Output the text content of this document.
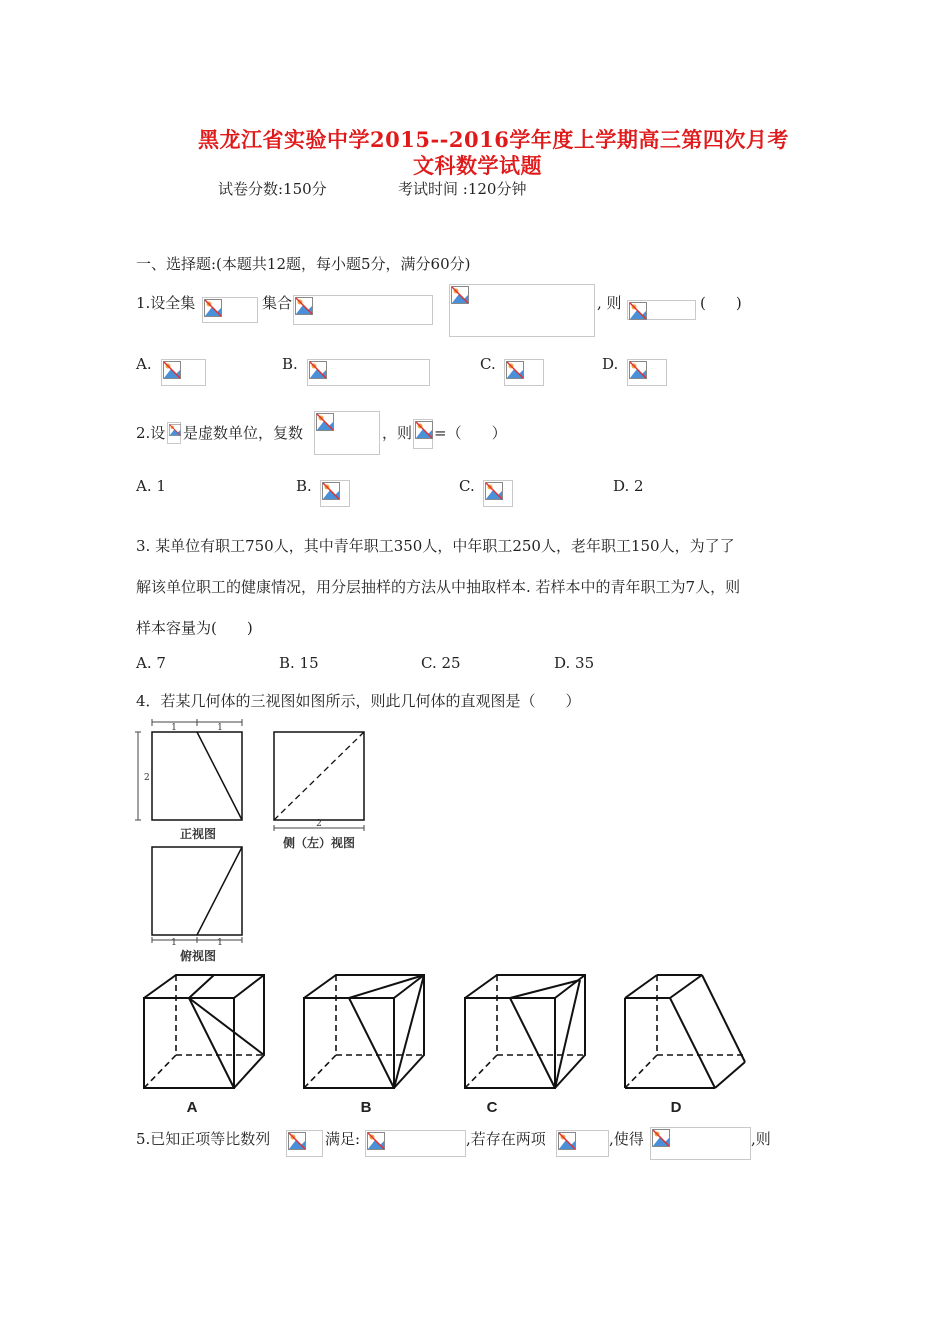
黑龙江省实验中学2015--2016学年度上学期高三第四次月考
文科数学试题
试卷分数:150分	考试时间 :120分钟
一、选择题:(本题共12题，每小题5分，满分60分)
1.设全集	集合	, 则	(　　)
A.	B.	C.	D.
2.设 是虚数单位，复数	，则 =（　　）
A. 1	B.	C.	D. 2
3. 某单位有职工750人，其中青年职工350人，中年职工250人，老年职工150人，为了了
解该单位职工的健康情况，用分层抽样的方法从中抽取样本. 若样本中的青年职工为7人，则
样本容量为(　　)
A. 7	B. 15	C. 25	D. 35
4．若某几何体的三视图如图所示，则此几何体的直观图是（　　）
1	1
2
正视图
2
侧（左）视图
1	1
俯视图
A	B	C	D
5.已知正项等比数列	满足:	,若存在两项	,使得	,则
